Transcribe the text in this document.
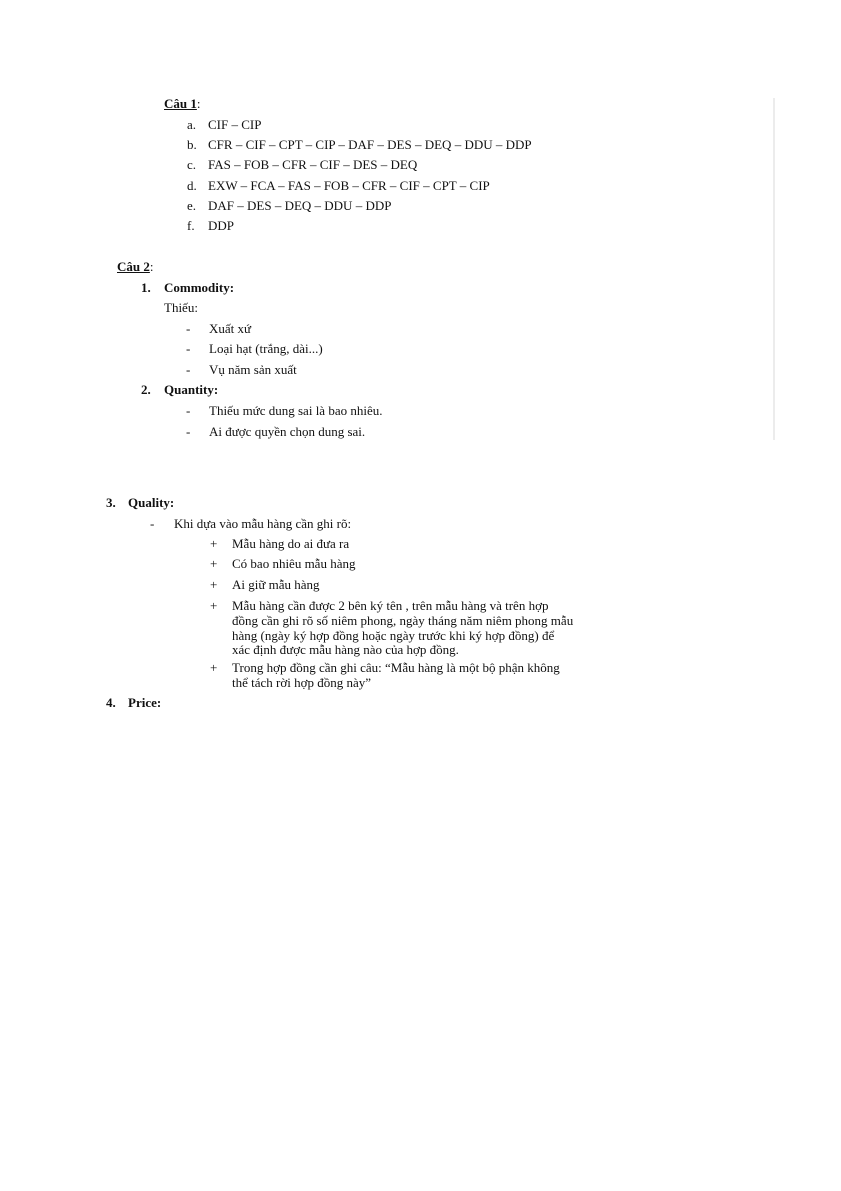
Câu 1:
a. CIF – CIP
b. CFR – CIF – CPT – CIP – DAF – DES – DEQ – DDU – DDP
c. FAS – FOB – CFR – CIF – DES – DEQ
d. EXW – FCA – FAS – FOB – CFR – CIF – CPT – CIP
e. DAF – DES – DEQ – DDU – DDP
f. DDP
Câu 2:
1. Commodity:
Thiếu:
- Xuất xứ
- Loại hạt (trắng, dài...)
- Vụ năm sản xuất
2. Quantity:
- Thiếu mức dung sai là bao nhiêu.
- Ai được quyền chọn dung sai.
3. Quality:
- Khi dựa vào mẫu hàng cần ghi rõ:
+ Mẫu hàng do ai đưa ra
+ Có bao nhiêu mẫu hàng
+ Ai giữ mẫu hàng
+ Mẫu hàng cần được 2 bên ký tên , trên mẫu hàng và trên hợp
đồng cần ghi rõ số niêm phong, ngày tháng năm niêm phong mẫu
hàng (ngày ký hợp đồng hoặc ngày trước khi ký hợp đồng) để
xác định được mẫu hàng nào của hợp đồng.
+ Trong hợp đồng cần ghi câu: “Mẫu hàng là một bộ phận không
thể tách rời hợp đồng này”
4. Price:
